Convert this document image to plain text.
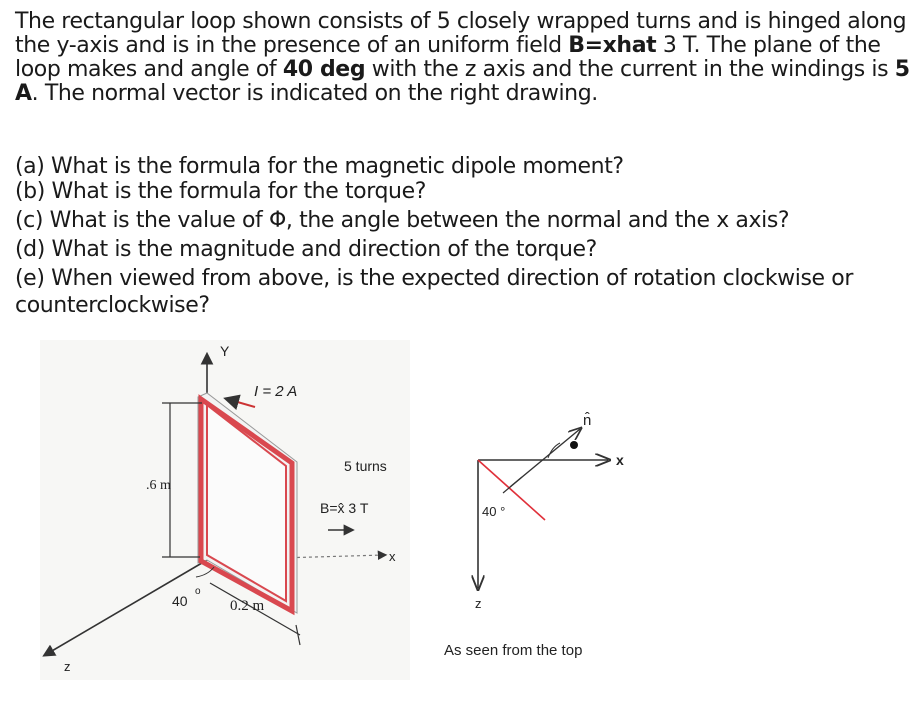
The rectangular loop shown consists of 5 closely wrapped turns and is hinged along the y-axis and is in the presence of an uniform field B=xhat 3 T. The plane of the loop makes and angle of 40 deg with the z axis and the current in the windings is 5 A. The normal vector is indicated on the right drawing.
(a) What is the formula for the magnetic dipole moment?
(b) What is the formula for the torque?
(c) What is the value of Φ, the angle between the normal and the x axis?
(d) What is the magnitude and direction of the torque?
(e) When viewed from above, is the expected direction of rotation clockwise or
counterclockwise?
Y
I = 2 A
5 turns
.6 m
B=x̂ 3 T
x
40
o
0.2 m
z
n̂
x
40 °
z
As seen from the top
